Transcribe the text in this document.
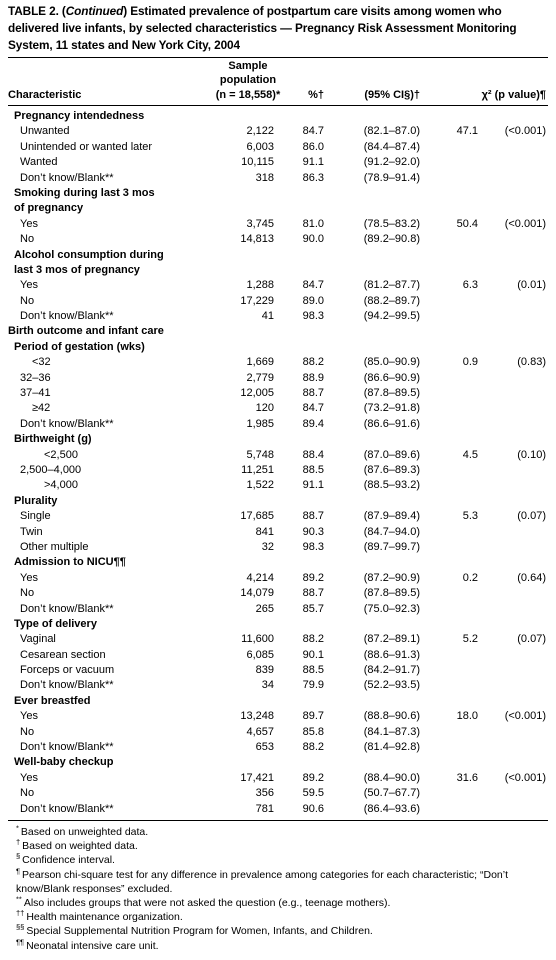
TABLE 2. (Continued) Estimated prevalence of postpartum care visits among women who delivered live infants, by selected characteristics — Pregnancy Risk Assessment Monitoring System, 11 states and New York City, 2004
Characteristic
Sample
population
(n = 18,558)*	%†	(95% CI§)†	χ² (p value)¶
Pregnancy intendedness
Unwanted	2,122	84.7	(82.1–87.0)	47.1 (<0.001)
Unintended or wanted later	6,003	86.0	(84.4–87.4)
Wanted	10,115	91.1	(91.2–92.0)
Don’t know/Blank**	318	86.3	(78.9–91.4)
Smoking during last 3 mos
of pregnancy
Yes	3,745	81.0	(78.5–83.2)	50.4 (<0.001)
No	14,813	90.0	(89.2–90.8)
Alcohol consumption during
last 3 mos of pregnancy
Yes	1,288	84.7	(81.2–87.7)	6.3	(0.01)
No	17,229	89.0	(88.2–89.7)
Don’t know/Blank**	41	98.3	(94.2–99.5)
Birth outcome and infant care
Period of gestation (wks)
<32	1,669	88.2	(85.0–90.9)	0.9	(0.83)
32–36	2,779	88.9	(86.6–90.9)
37–41	12,005	88.7	(87.8–89.5)
≥42	120	84.7	(73.2–91.8)
Don’t know/Blank**	1,985	89.4	(86.6–91.6)
Birthweight (g)
<2,500	5,748	88.4	(87.0–89.6)	4.5	(0.10)
2,500–4,000	11,251	88.5	(87.6–89.3)
>4,000	1,522	91.1	(88.5–93.2)
Plurality
Single	17,685	88.7	(87.9–89.4)	5.3	(0.07)
Twin	841	90.3	(84.7–94.0)
Other multiple	32	98.3	(89.7–99.7)
Admission to NICU¶¶
Yes	4,214	89.2	(87.2–90.9)	0.2	(0.64)
No	14,079	88.7	(87.8–89.5)
Don’t know/Blank**	265	85.7	(75.0–92.3)
Type of delivery
Vaginal	11,600	88.2	(87.2–89.1)	5.2	(0.07)
Cesarean section	6,085	90.1	(88.6–91.3)
Forceps or vacuum	839	88.5	(84.2–91.7)
Don’t know/Blank**	34	79.9	(52.2–93.5)
Ever breastfed
Yes	13,248	89.7	(88.8–90.6)	18.0 (<0.001)
No	4,657	85.8	(84.1–87.3)
Don’t know/Blank**	653	88.2	(81.4–92.8)
Well-baby checkup
Yes	17,421	89.2	(88.4–90.0)	31.6 (<0.001)
No	356	59.5	(50.7–67.7)
Don’t know/Blank**	781	90.6	(86.4–93.6)
* Based on unweighted data.
† Based on weighted data.
§ Confidence interval.
¶ Pearson chi-square test for any difference in prevalence among categories for each characteristic; “Don’t know/Blank responses” excluded.
** Also includes groups that were not asked the question (e.g., teenage mothers).
†† Health maintenance organization.
§§ Special Supplemental Nutrition Program for Women, Infants, and Children.
¶¶ Neonatal intensive care unit.
